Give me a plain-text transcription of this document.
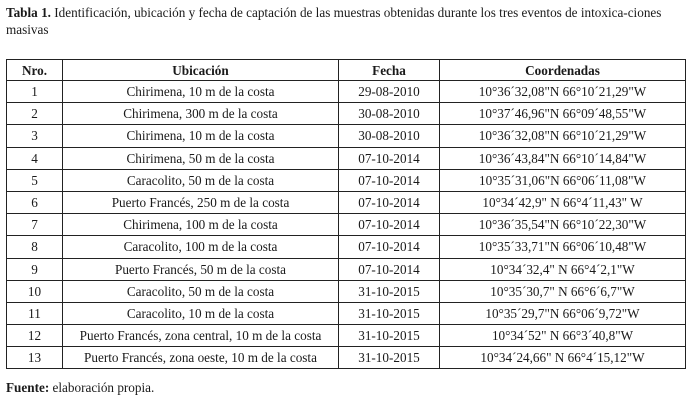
Tabla 1. Identificación, ubicación y fecha de captación de las muestras obtenidas durante los tres eventos de intoxica-ciones masivas
Nro.	Ubicación	Fecha	Coordenadas
1	Chirimena, 10 m de la costa	29-08-2010	10°36´32,08"N 66°10´21,29"W
2	Chirimena, 300 m de la costa	30-08-2010	10°37´46,96"N 66°09´48,55"W
3	Chirimena, 10 m de la costa	30-08-2010	10°36´32,08"N 66°10´21,29"W
4	Chirimena, 50 m de la costa	07-10-2014	10°36´43,84"N 66°10´14,84"W
5	Caracolito, 50 m de la costa	07-10-2014	10°35´31,06"N 66°06´11,08"W
6	Puerto Francés, 250 m de la costa	07-10-2014	10°34´42,9" N 66°4´11,43" W
7	Chirimena, 100 m de la costa	07-10-2014	10°36´35,54"N 66°10´22,30"W
8	Caracolito, 100 m de la costa	07-10-2014	10°35´33,71"N 66°06´10,48"W
9	Puerto Francés, 50 m de la costa	07-10-2014	10°34´32,4" N 66°4´2,1"W
10	Caracolito, 50 m de la costa	31-10-2015	10°35´30,7" N 66°6´6,7"W
11	Caracolito, 10 m de la costa	31-10-2015	10°35´29,7"N 66°06´9,72"W
12	Puerto Francés, zona central, 10 m de la costa	31-10-2015	10°34´52" N 66°3´40,8"W
13	Puerto Francés, zona oeste, 10 m de la costa	31-10-2015	10°34´24,66" N 66°4´15,12"W
Fuente: elaboración propia.
